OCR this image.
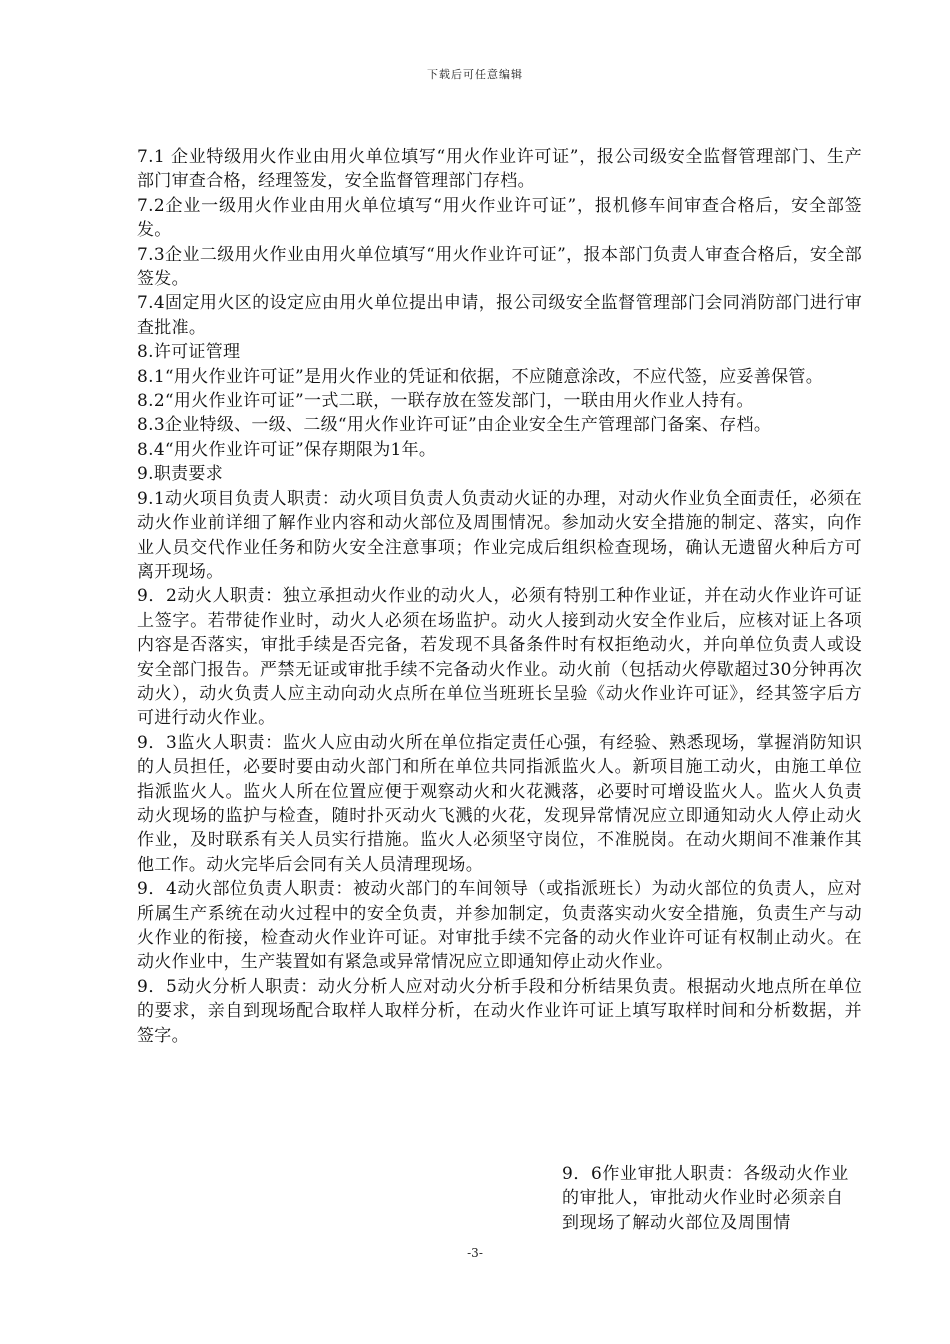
下载后可任意编辑

7.1 企业特级用火作业由用火单位填写“用火作业许可证”，报公司级安全监督管理部门、生产部门审查合格，经理签发，安全监督管理部门存档。

7.2企业一级用火作业由用火单位填写“用火作业许可证”，报机修车间审查合格后，安全部签发。

7.3企业二级用火作业由用火单位填写“用火作业许可证”，报本部门负责人审查合格后，安全部签发。

7.4固定用火区的设定应由用火单位提出申请，报公司级安全监督管理部门会同消防部门进行审查批准。

8.许可证管理

8.1“用火作业许可证”是用火作业的凭证和依据，不应随意涂改，不应代签，应妥善保管。

8.2“用火作业许可证”一式二联，一联存放在签发部门，一联由用火作业人持有。

8.3企业特级、一级、二级“用火作业许可证”由企业安全生产管理部门备案、存档。

8.4“用火作业许可证”保存期限为1年。

9.职责要求

9.1动火项目负责人职责：动火项目负责人负责动火证的办理，对动火作业负全面责任，必须在动火作业前详细了解作业内容和动火部位及周围情况。参加动火安全措施的制定、落实，向作业人员交代作业任务和防火安全注意事项；作业完成后组织检查现场，确认无遗留火种后方可离开现场。

9．2动火人职责：独立承担动火作业的动火人，必须有特别工种作业证，并在动火作业许可证上签字。若带徒作业时，动火人必须在场监护。动火人接到动火安全作业后，应核对证上各项内容是否落实，审批手续是否完备，若发现不具备条件时有权拒绝动火，并向单位负责人或设安全部门报告。严禁无证或审批手续不完备动火作业。动火前（包括动火停歇超过30分钟再次动火），动火负责人应主动向动火点所在单位当班班长呈验《动火作业许可证》，经其签字后方可进行动火作业。

9．3监火人职责：监火人应由动火所在单位指定责任心强，有经验、熟悉现场，掌握消防知识的人员担任，必要时要由动火部门和所在单位共同指派监火人。新项目施工动火，由施工单位指派监火人。监火人所在位置应便于观察动火和火花溅落，必要时可增设监火人。监火人负责动火现场的监护与检查，随时扑灭动火飞溅的火花，发现异常情况应立即通知动火人停止动火作业，及时联系有关人员实行措施。监火人必须坚守岗位，不准脱岗。在动火期间不准兼作其他工作。动火完毕后会同有关人员清理现场。

9．4动火部位负责人职责：被动火部门的车间领导（或指派班长）为动火部位的负责人，应对所属生产系统在动火过程中的安全负责，并参加制定，负责落实动火安全措施，负责生产与动火作业的衔接，检查动火作业许可证。对审批手续不完备的动火作业许可证有权制止动火。在动火作业中，生产装置如有紧急或异常情况应立即通知停止动火作业。

9．5动火分析人职责：动火分析人应对动火分析手段和分析结果负责。根据动火地点所在单位的要求，亲自到现场配合取样人取样分析，在动火作业许可证上填写取样时间和分析数据，并签字。

9．6作业审批人职责：各级动火作业的审批人，审批动火作业时必须亲自到现场了解动火部位及周围情
-3-
